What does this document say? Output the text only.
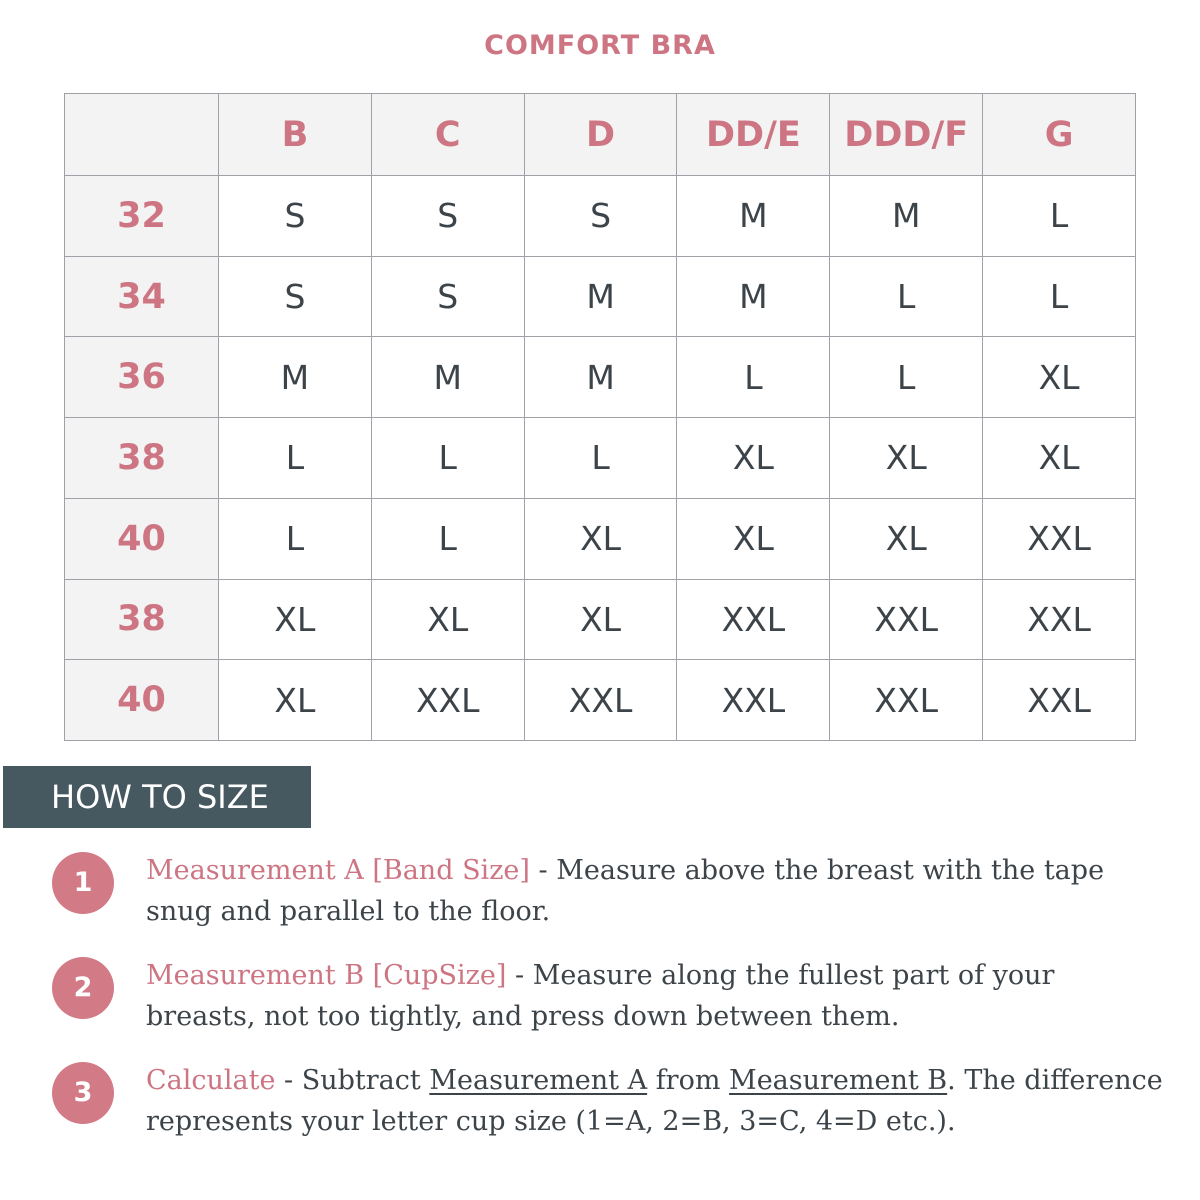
COMFORT BRA
	B	C	D	DD/E	DDD/F	G
32	S	S	S	M	M	L
34	S	S	M	M	L	L
36	M	M	M	L	L	XL
38	L	L	L	XL	XL	XL
40	L	L	XL	XL	XL	XXL
38	XL	XL	XL	XXL	XXL	XXL
40	XL	XXL	XXL	XXL	XXL	XXL
HOW TO SIZE
1	Measurement A [Band Size] - Measure above the breast with the tape snug and parallel to the floor.
2	Measurement B [CupSize] - Measure along the fullest part of your breasts, not too tightly, and press down between them.
3	Calculate - Subtract Measurement A from Measurement B. The difference represents your letter cup size (1=A, 2=B, 3=C, 4=D etc.).
